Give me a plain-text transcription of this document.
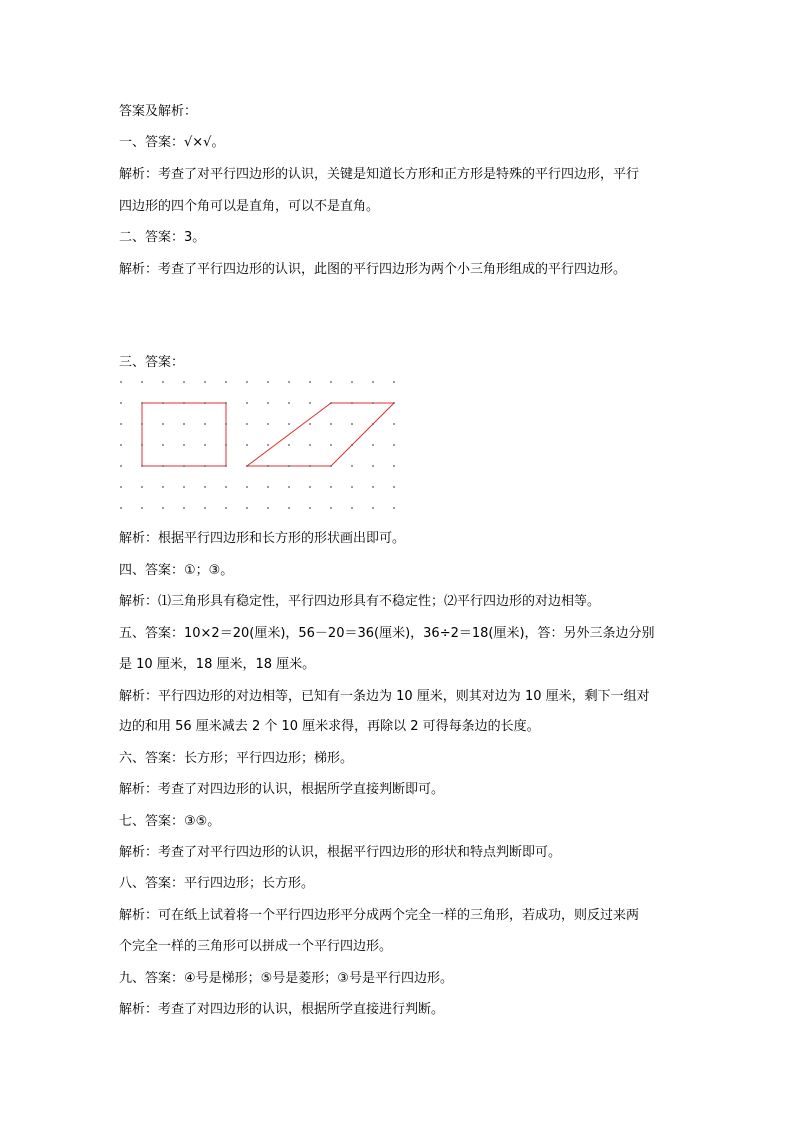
答案及解析：
一、答案：√×√。
解析：考查了对平行四边形的认识，关键是知道长方形和正方形是特殊的平行四边形，平行
四边形的四个角可以是直角，可以不是直角。
二、答案：3。
解析：考查了平行四边形的认识，此图的平行四边形为两个小三角形组成的平行四边形。
三、答案：
解析：根据平行四边形和长方形的形状画出即可。
四、答案：①；③。
解析：⑴三角形具有稳定性，平行四边形具有不稳定性；⑵平行四边形的对边相等。
五、答案：10×2＝20(厘米)，56－20＝36(厘米)，36÷2＝18(厘米)，答：另外三条边分别
是 10 厘米，18 厘米，18 厘米。
解析：平行四边形的对边相等，已知有一条边为 10 厘米，则其对边为 10 厘米，剩下一组对
边的和用 56 厘米减去 2 个 10 厘米求得，再除以 2 可得每条边的长度。
六、答案：长方形；平行四边形；梯形。
解析：考查了对四边形的认识，根据所学直接判断即可。
七、答案：③⑤。
解析：考查了对平行四边形的认识，根据平行四边形的形状和特点判断即可。
八、答案：平行四边形；长方形。
解析：可在纸上试着将一个平行四边形平分成两个完全一样的三角形，若成功，则反过来两
个完全一样的三角形可以拼成一个平行四边形。
九、答案：④号是梯形；⑤号是菱形；③号是平行四边形。
解析：考查了对四边形的认识，根据所学直接进行判断。
